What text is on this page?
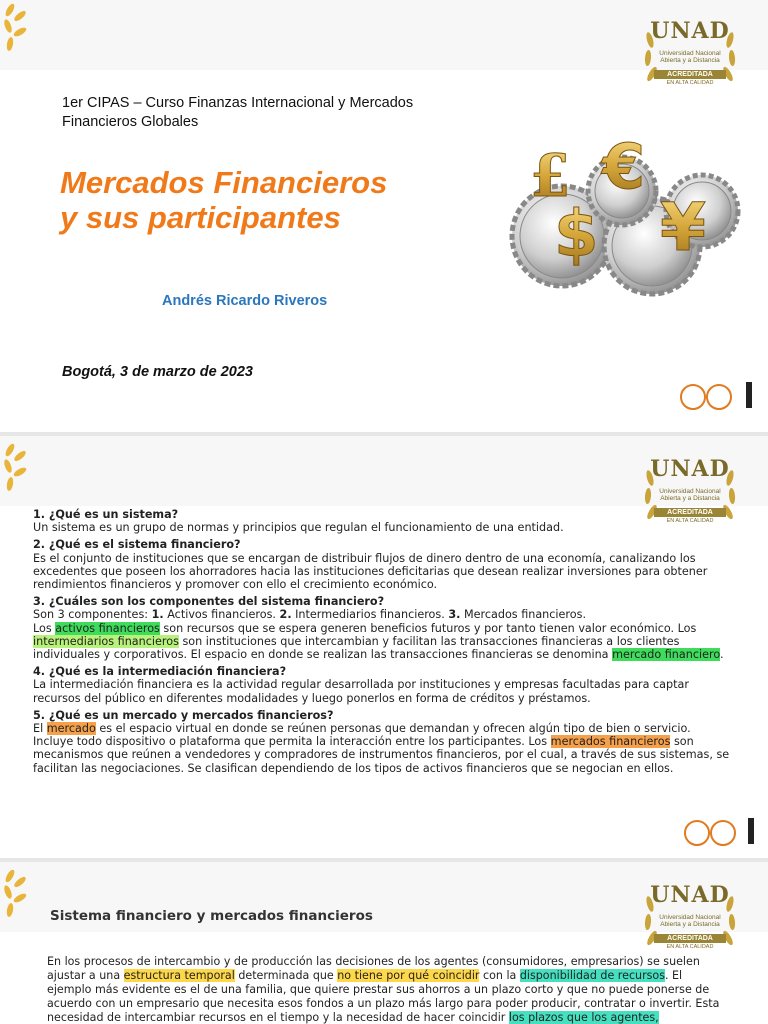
UNAD
Universidad Nacional Abierta y a Distancia
ACREDITADA
EN ALTA CALIDAD
1er CIPAS – Curso Finanzas Internacional y Mercados Financieros Globales
Mercados Financieros
y sus participantes
Andrés Ricardo Riveros
Bogotá, 3 de marzo de 2023
£ €
$ ¥
UNAD
Universidad Nacional Abierta y a Distancia
ACREDITADA
EN ALTA CALIDAD

1. ¿Qué es un sistema?

Un sistema es un grupo de normas y principios que regulan el funcionamiento de una entidad.

2. ¿Qué es el sistema financiero?

Es el conjunto de instituciones que se encargan de distribuir flujos de dinero dentro de una economía, canalizando los excedentes que poseen los ahorradores hacia las instituciones deficitarias que desean realizar inversiones para obtener rendimientos financieros y promover con ello el crecimiento económico.

3. ¿Cuáles son los componentes del sistema financiero?

Son 3 componentes: 1. Activos financieros. 2. Intermediarios financieros. 3. Mercados financieros.
Los activos financieros son recursos que se espera generen beneficios futuros y por tanto tienen valor económico. Los intermediarios financieros son instituciones que intercambian y facilitan las transacciones financieras a los clientes individuales y corporativos. El espacio en donde se realizan las transacciones financieras se denomina mercado financiero.

4. ¿Qué es la intermediación financiera?

La intermediación financiera es la actividad regular desarrollada por instituciones y empresas facultadas para captar recursos del público en diferentes modalidades y luego ponerlos en forma de créditos y préstamos.

5. ¿Qué es un mercado y mercados financieros?

El mercado es el espacio virtual en donde se reúnen personas que demandan y ofrecen algún tipo de bien o servicio. Incluye todo dispositivo o plataforma que permita la interacción entre los participantes. Los mercados financieros son mecanismos que reúnen a vendedores y compradores de instrumentos financieros, por el cual, a través de sus sistemas, se facilitan las negociaciones. Se clasifican dependiendo de los tipos de activos financieros que se negocian en ellos.

UNAD
Universidad Nacional Abierta y a Distancia
ACREDITADA
EN ALTA CALIDAD
Sistema financiero y mercados financieros
En los procesos de intercambio y de producción las decisiones de los agentes (consumidores, empresarios) se suelen ajustar a una estructura temporal determinada que no tiene por qué coincidir con la disponibilidad de recursos. El ejemplo más evidente es el de una familia, que quiere prestar sus ahorros a un plazo corto y que no puede ponerse de acuerdo con un empresario que necesita esos fondos a un plazo más largo para poder producir, contratar o invertir. Esta necesidad de intercambiar recursos en el tiempo y la necesidad de hacer coincidir los plazos que los agentes,
